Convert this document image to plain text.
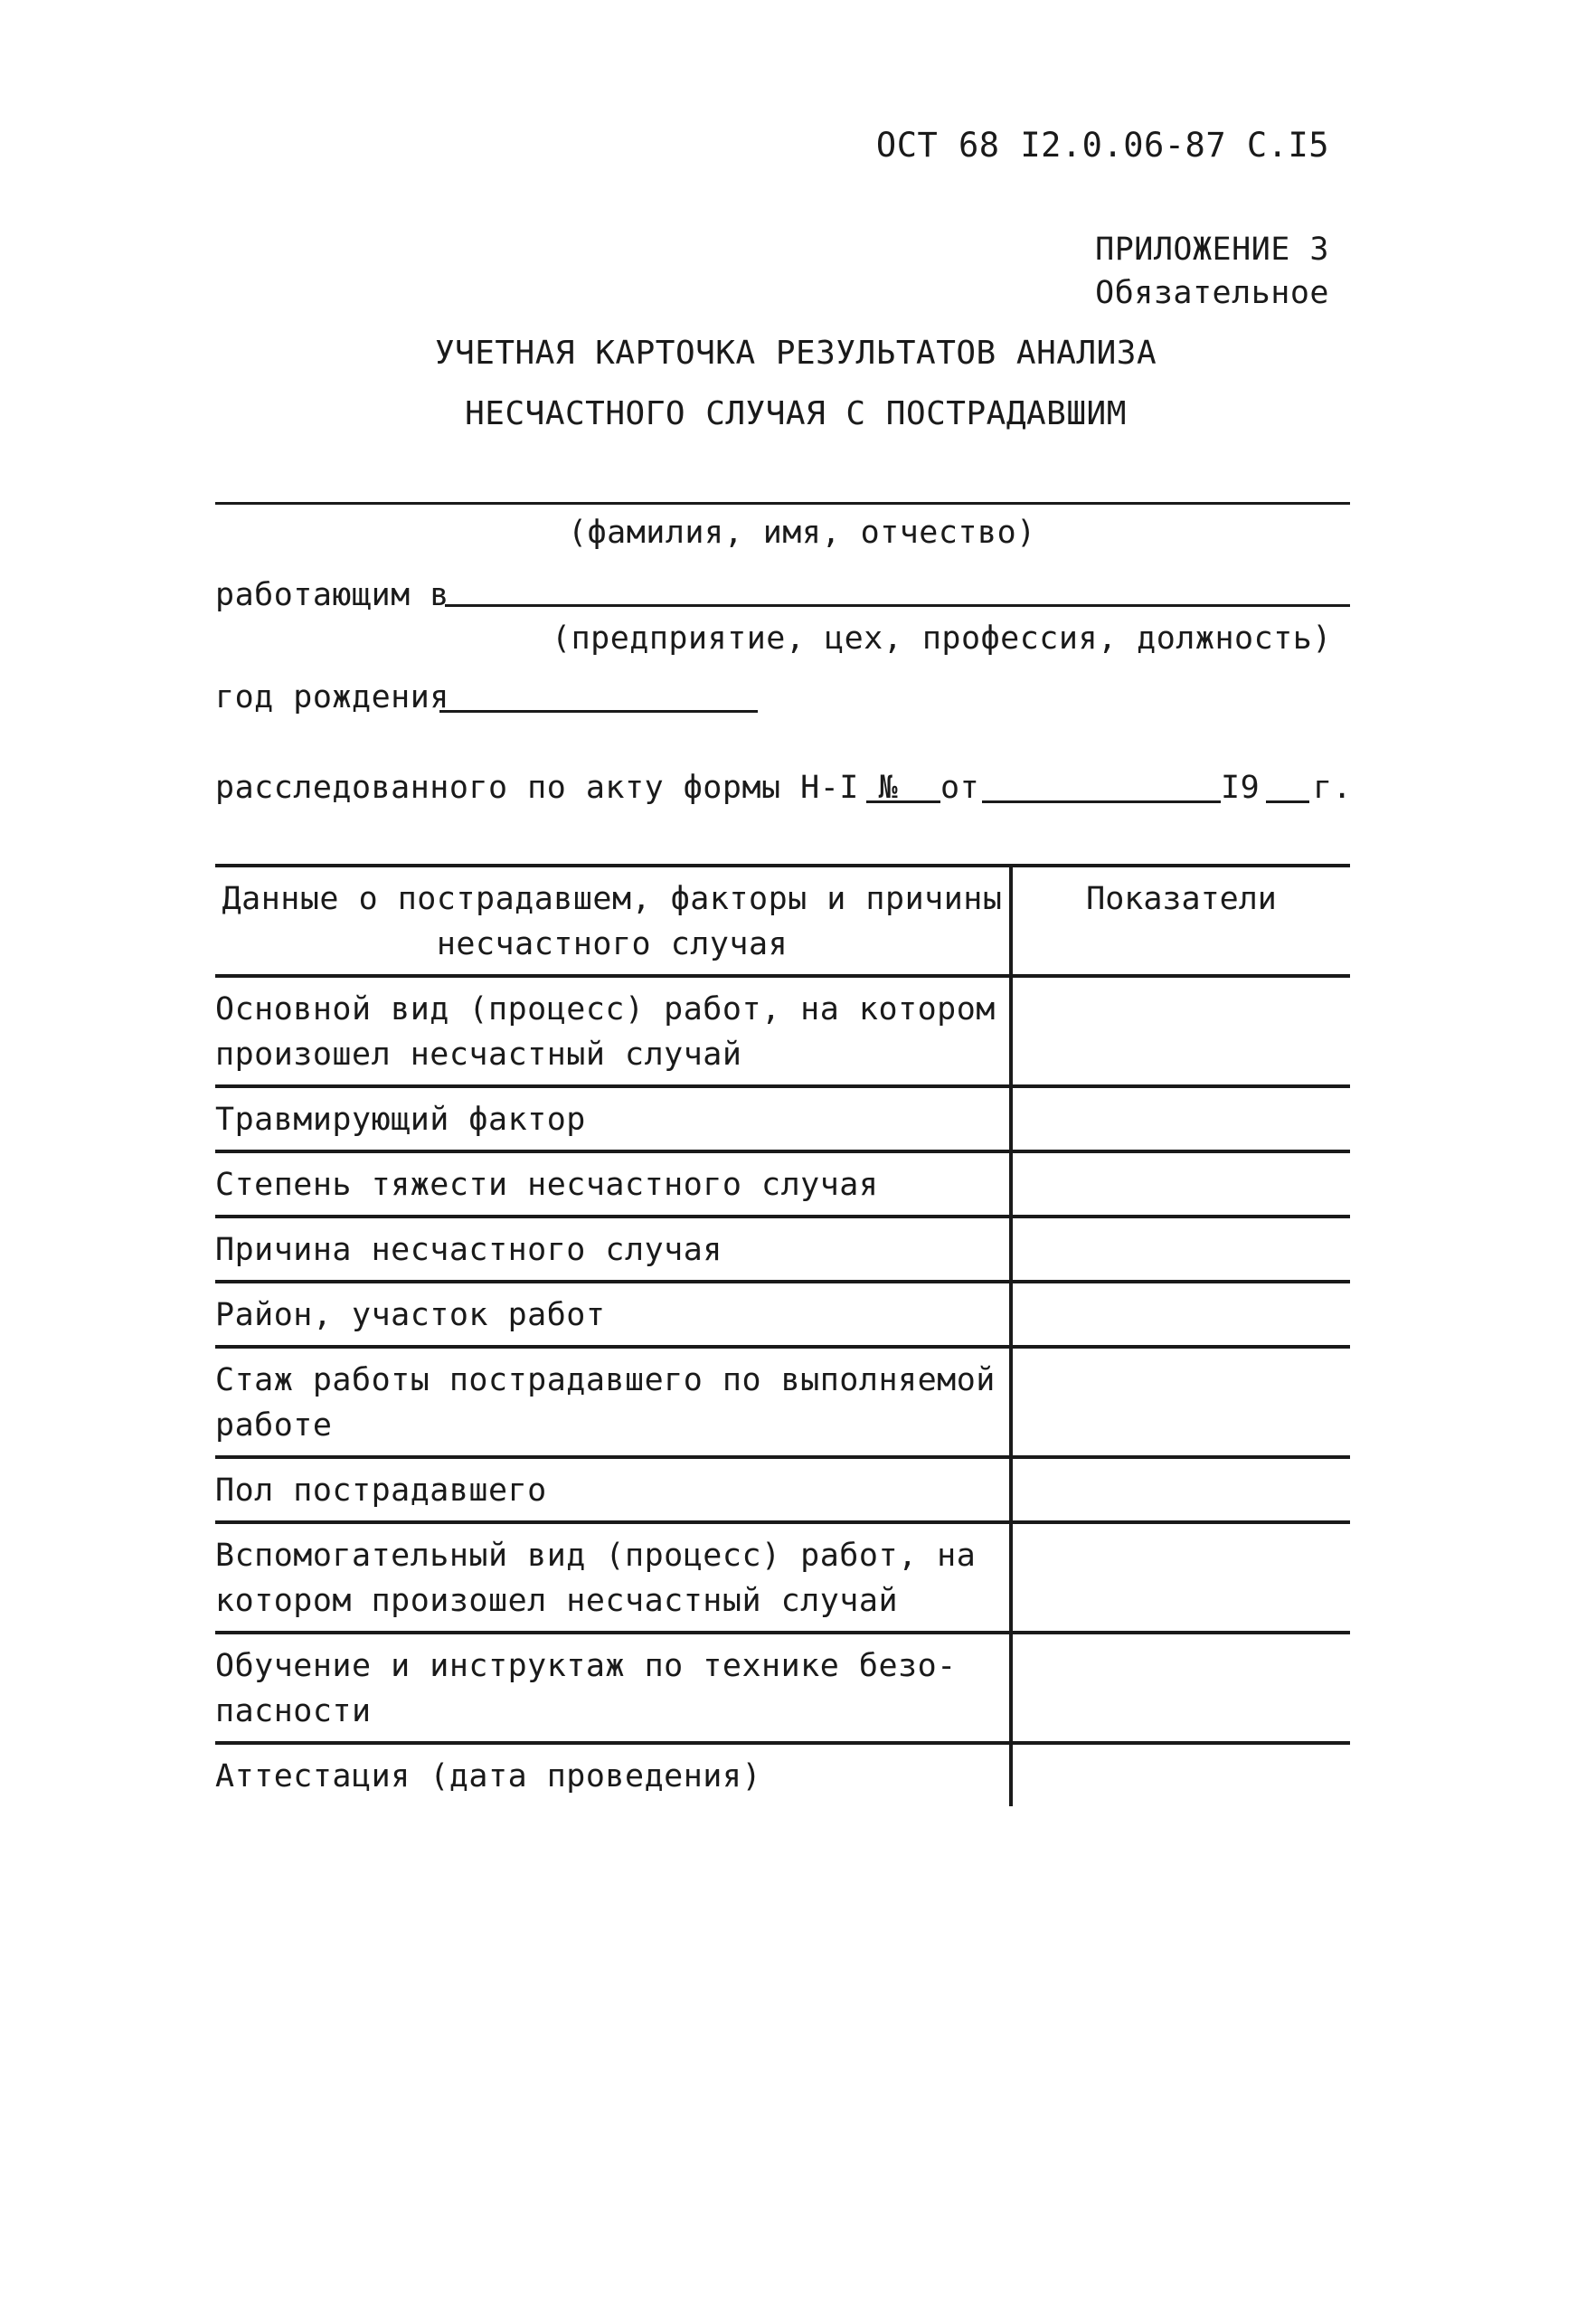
ОСТ 68 I2.0.06-87 С.I5
ПРИЛОЖЕНИЕ 3
Обязательное
УЧЕТНАЯ КАРТОЧКА РЕЗУЛЬТАТОВ АНАЛИЗА
НЕСЧАСТНОГО СЛУЧАЯ С ПОСТРАДАВШИМ
(фамилия, имя, отчество)
работающим в
(предприятие, цех, профессия, должность)
год рождения
расследованного по акту формы Н-I № от	I9 г.
Данные о пострадавшем, факторы и причины
несчастного случая
Показатели
Основной вид (процесс) работ, на котором
произошел несчастный случай
Травмирующий фактор
Степень тяжести несчастного случая
Причина несчастного случая
Район, участок работ
Стаж работы пострадавшего по выполняемой
работе
Пол пострадавшего
Вспомогательный вид (процесс) работ, на
котором произошел несчастный случай
Обучение и инструктаж по технике безо-
пасности
Аттестация (дата проведения)
